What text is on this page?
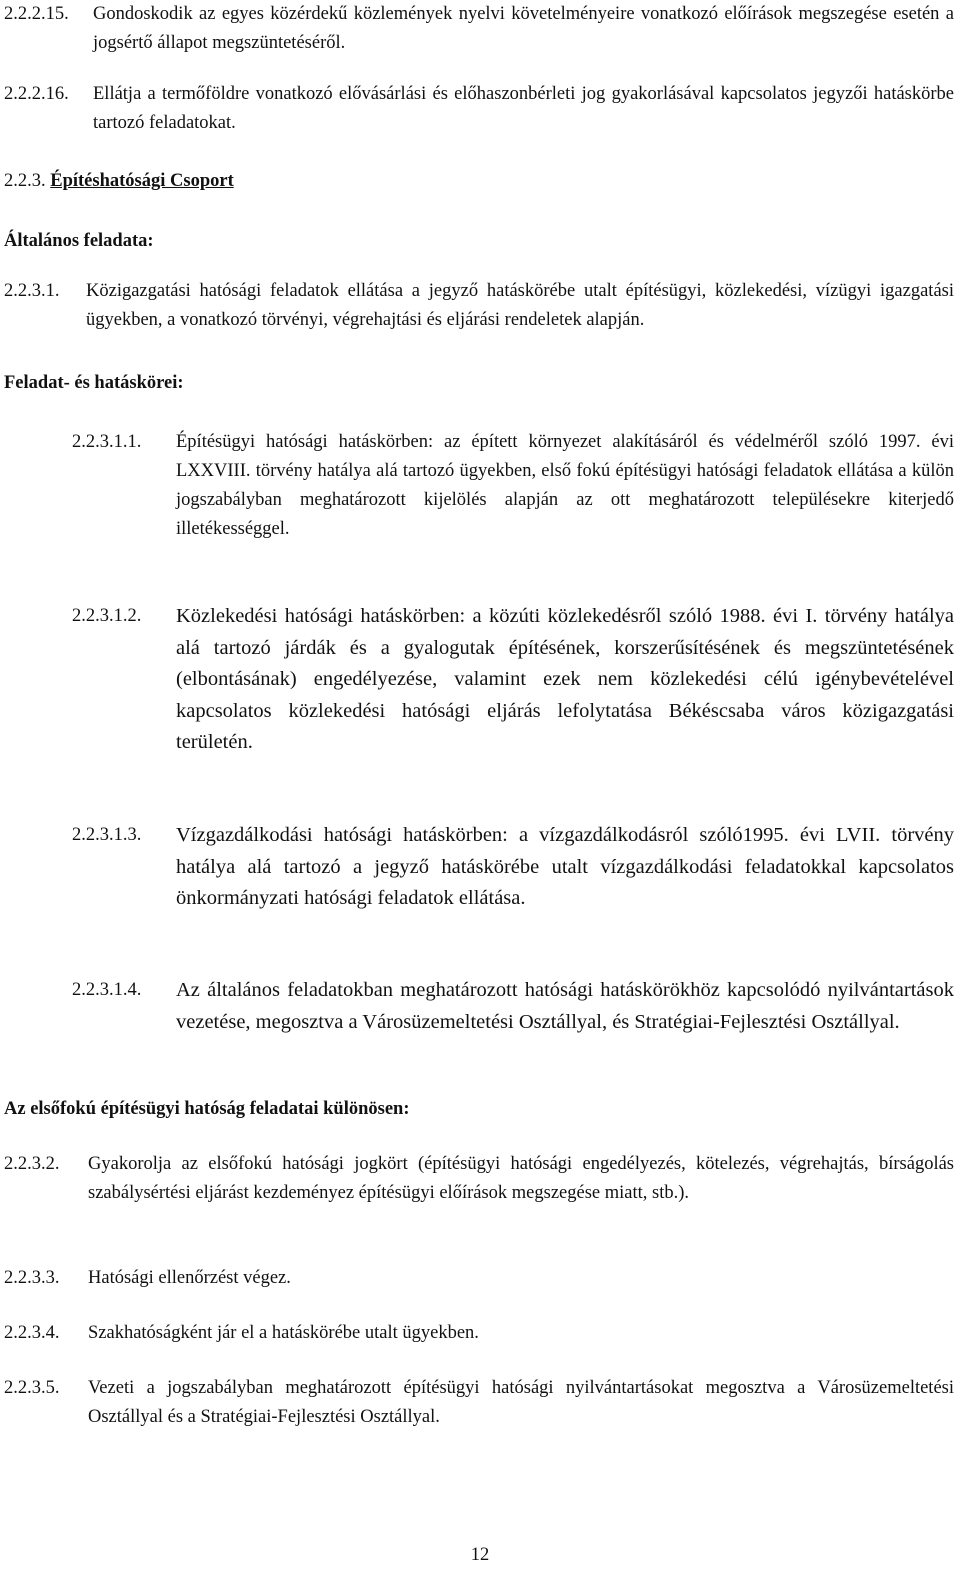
2.2.2.15.	Gondoskodik az egyes közérdekű közlemények nyelvi követelményeire vonatkozó előírások megszegése esetén a jogsértő állapot megszüntetéséről.
2.2.2.16.	Ellátja a termőföldre vonatkozó elővásárlási és előhaszonbérleti jog gyakorlásával kapcsolatos jegyzői hatáskörbe tartozó feladatokat.
2.2.3. Építéshatósági Csoport
Általános feladata:
2.2.3.1.	Közigazgatási hatósági feladatok ellátása a jegyző hatáskörébe utalt építésügyi, közlekedési, vízügyi igazgatási ügyekben, a vonatkozó törvényi, végrehajtási és eljárási rendeletek alapján.
Feladat- és hatáskörei:
2.2.3.1.1.	Építésügyi hatósági hatáskörben: az épített környezet alakításáról és védelméről szóló 1997. évi LXXVIII. törvény hatálya alá tartozó ügyekben, első fokú építésügyi hatósági feladatok ellátása a külön jogszabályban meghatározott kijelölés alapján az ott meghatározott településekre kiterjedő illetékességgel.
2.2.3.1.2.	Közlekedési hatósági hatáskörben: a közúti közlekedésről szóló 1988. évi I. törvény hatálya alá tartozó járdák és a gyalogutak építésének, korszerűsítésének és megszüntetésének (elbontásának) engedélyezése, valamint ezek nem közlekedési célú igénybevételével kapcsolatos közlekedési hatósági eljárás lefolytatása Békéscsaba város közigazgatási területén.
2.2.3.1.3.	Vízgazdálkodási hatósági hatáskörben: a vízgazdálkodásról szóló1995. évi LVII. törvény hatálya alá tartozó a jegyző hatáskörébe utalt vízgazdálkodási feladatokkal kapcsolatos önkormányzati hatósági feladatok ellátása.
2.2.3.1.4.	Az általános feladatokban meghatározott hatósági hatáskörökhöz kapcsolódó nyilvántartások vezetése, megosztva a Városüzemeltetési Osztállyal, és Stratégiai-Fejlesztési Osztállyal.
Az elsőfokú építésügyi hatóság feladatai különösen:
2.2.3.2.	Gyakorolja az elsőfokú hatósági jogkört (építésügyi hatósági engedélyezés, kötelezés, végrehajtás, bírságolás szabálysértési eljárást kezdeményez építésügyi előírások megszegése miatt, stb.).
2.2.3.3.	Hatósági ellenőrzést végez.
2.2.3.4.	Szakhatóságként jár el a hatáskörébe utalt ügyekben.
2.2.3.5.	Vezeti a jogszabályban meghatározott építésügyi hatósági nyilvántartásokat megosztva a Városüzemeltetési Osztállyal és a Stratégiai-Fejlesztési Osztállyal.
12
